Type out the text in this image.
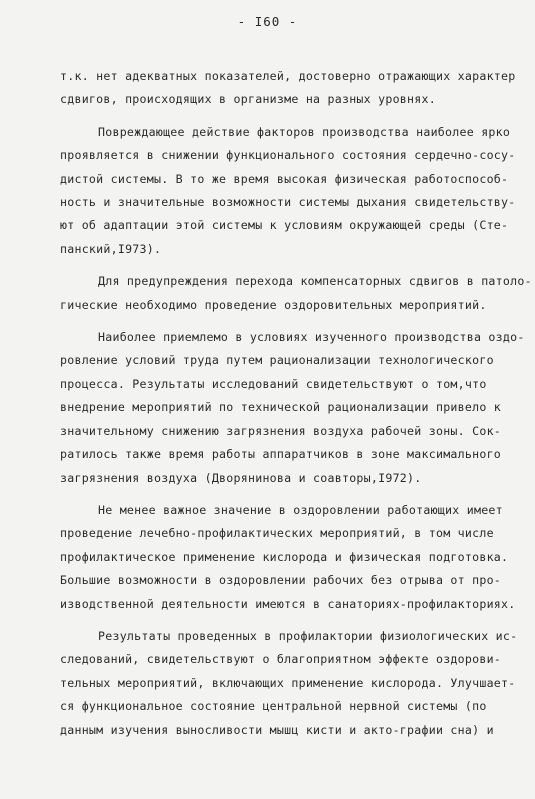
- I60 -

т.к. нет адекватных показателей, достоверно отражающих характер
сдвигов, происходящих в организме на разных уровнях.

Повреждающее действие факторов производства наиболее ярко
проявляется в снижении функционального состояния сердечно-сосу-
дистой системы. В то же время высокая физическая работоспособ-
ность и значительные возможности системы дыхания свидетельству-
ют об адаптации этой системы к условиям окружающей среды (Сте-
панский,I973).

Для предупреждения перехода компенсаторных сдвигов в патоло-
гические необходимо проведение оздоровительных мероприятий.

Наиболее приемлемо в условиях изученного производства оздо-
ровление условий труда путем рационализации технологического
процесса. Результаты исследований свидетельствуют о том,что
внедрение мероприятий по технической рационализации привело к
значительному снижению загрязнения воздуха рабочей зоны. Сок-
ратилось также время работы аппаратчиков в зоне максимального
загрязнения воздуха (Дворянинова и соавторы,I972).

Не менее важное значение в оздоровлении работающих имеет
проведение лечебно-профилактических мероприятий, в том числе
профилактическое применение кислорода и физическая подготовка.
Большие возможности в оздоровлении рабочих без отрыва от про-
изводственной деятельности имеются в санаториях-профилакториях.

Результаты проведенных в профилактории физиологических ис-
следований, свидетельствуют о благоприятном эффекте оздорови-
тельных мероприятий, включающих применение кислорода. Улучшает-
ся функциональное состояние центральной нервной системы (по
данным изучения выносливости мышц кисти и акто-графии сна) и
